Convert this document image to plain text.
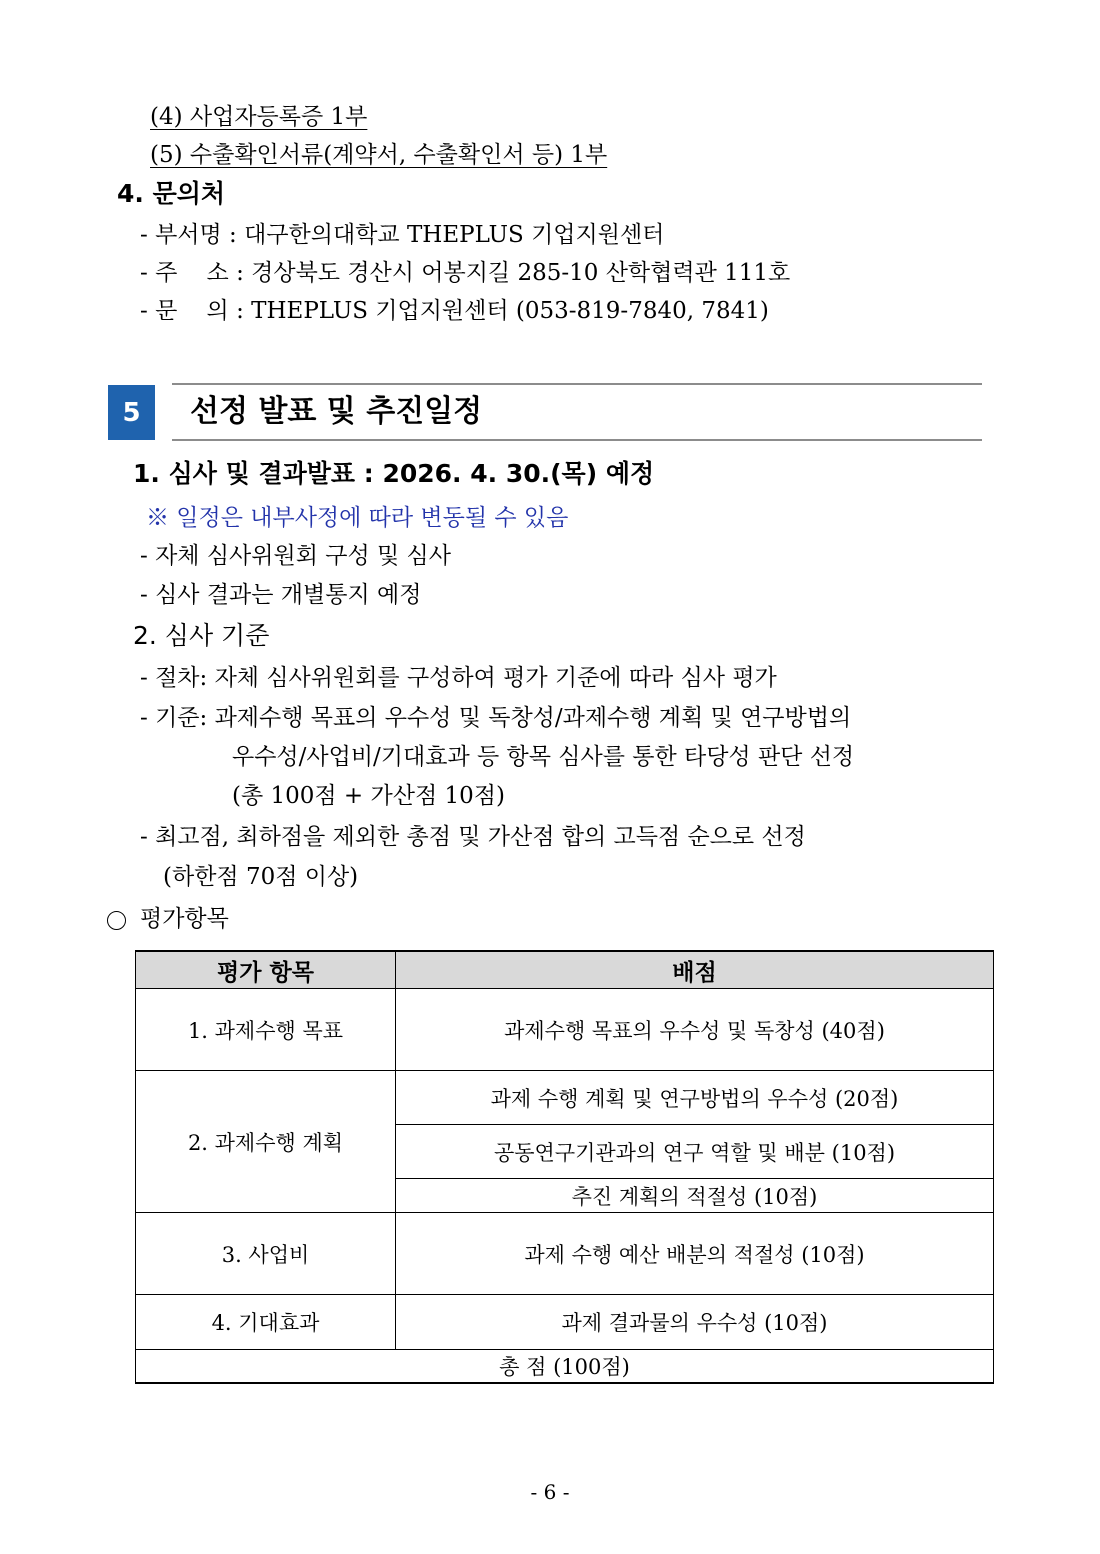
(4) 사업자등록증 1부
(5) 수출확인서류(계약서, 수출확인서 등) 1부
4. 문의처
- 부서명 : 대구한의대학교 THEPLUS 기업지원센터
- 주    소 : 경상북도 경산시 어봉지길 285-10 산학협력관 111호
- 문    의 : THEPLUS 기업지원센터 (053-819-7840, 7841)
5	선정 발표 및 추진일정
1. 심사 및 결과발표 : 2026. 4. 30.(목) 예정
※ 일정은 내부사정에 따라 변동될 수 있음
- 자체 심사위원회 구성 및 심사
- 심사 결과는 개별통지 예정
2. 심사 기준
- 절차: 자체 심사위원회를 구성하여 평가 기준에 따라 심사 평가
- 기준: 과제수행 목표의 우수성 및 독창성/과제수행 계획 및 연구방법의
우수성/사업비/기대효과 등 항목 심사를 통한 타당성 판단 선정
(총 100점 + 가산점 10점)
- 최고점, 최하점을 제외한 총점 및 가산점 합의 고득점 순으로 선정
(하한점 70점 이상)
평가항목
평가 항목	배점
1. 과제수행 목표	과제수행 목표의 우수성 및 독창성 (40점)
2. 과제수행 계획	과제 수행 계획 및 연구방법의 우수성 (20점)
	공동연구기관과의 연구 역할 및 배분 (10점)
	추진 계획의 적절성 (10점)
3. 사업비	과제 수행 예산 배분의 적절성 (10점)
4. 기대효과	과제 결과물의 우수성 (10점)
총 점 (100점)	
- 6 -
